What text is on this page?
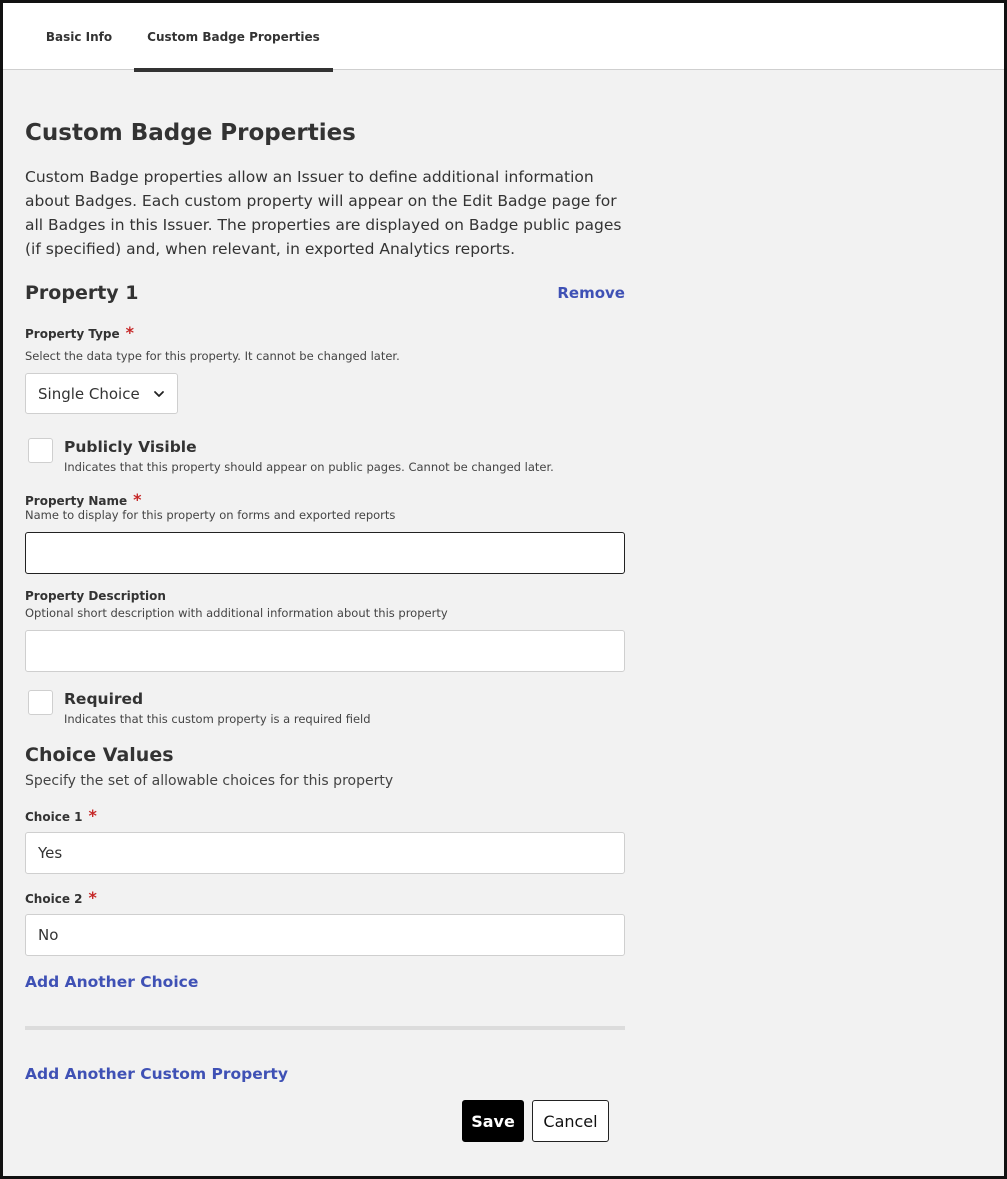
Basic Info	Custom Badge Properties
Custom Badge Properties

Custom Badge properties allow an Issuer to define additional information about Badges. Each custom property will appear on the Edit Badge page for all Badges in this Issuer. The properties are displayed on Badge public pages (if specified) and, when relevant, in exported Analytics reports.

Property 1	Remove
Property Type *
Select the data type for this property. It cannot be changed later.
Single Choice
Publicly Visible
Indicates that this property should appear on public pages. Cannot be changed later.
Property Name *
Name to display for this property on forms and exported reports
Property Description
Optional short description with additional information about this property
Required
Indicates that this custom property is a required field
Choice Values
Specify the set of allowable choices for this property
Choice 1 *
Yes
Choice 2 *
No
Add Another Choice
Add Another Custom Property
Save	Cancel
